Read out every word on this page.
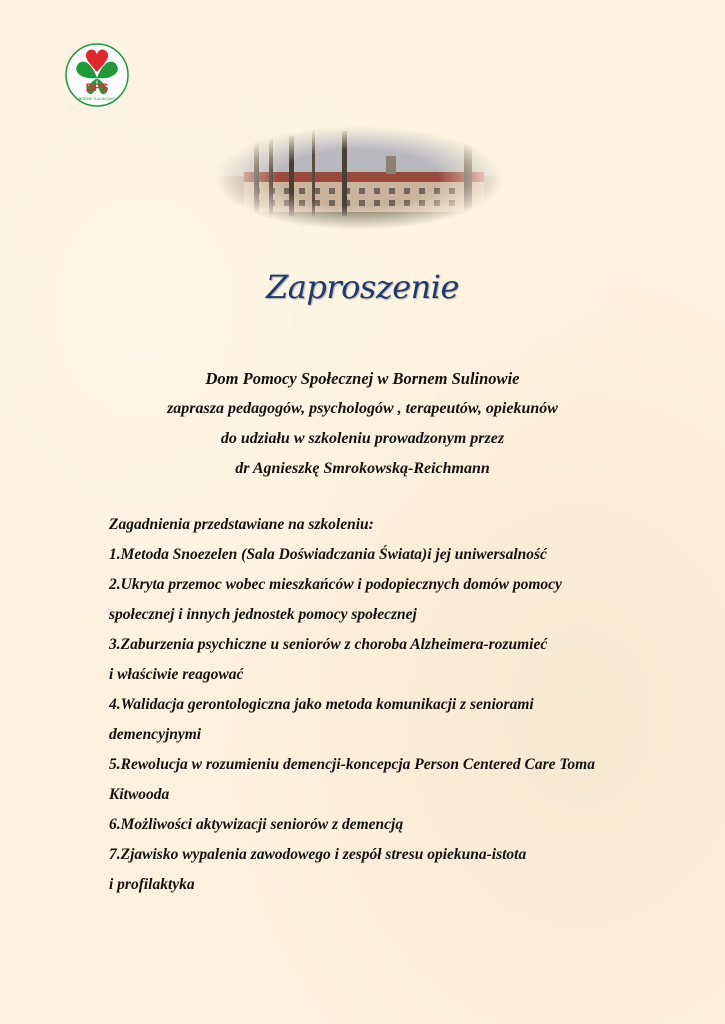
DPS
BORNE SULINOWO
Zaproszenie
Dom Pomocy Społecznej w Bornem Sulinowie
zaprasza pedagogów, psychologów , terapeutów, opiekunów
do udziału w szkoleniu prowadzonym przez
dr Agnieszkę Smrokowską-Reichmann
Zagadnienia przedstawiane na szkoleniu:
1.Metoda Snoezelen (Sala Doświadczania Świata)i jej uniwersalność
2.Ukryta przemoc wobec mieszkańców i podopiecznych domów pomocy
społecznej i innych jednostek pomocy społecznej
3.Zaburzenia psychiczne u seniorów z choroba Alzheimera-rozumieć
i właściwie reagować
4.Walidacja gerontologiczna jako metoda komunikacji z seniorami
demencyjnymi
5.Rewolucja w rozumieniu demencji-koncepcja Person Centered Care Toma
Kitwooda
6.Możliwości aktywizacji seniorów z demencją
7.Zjawisko wypalenia zawodowego i zespół stresu opiekuna-istota
i profilaktyka
